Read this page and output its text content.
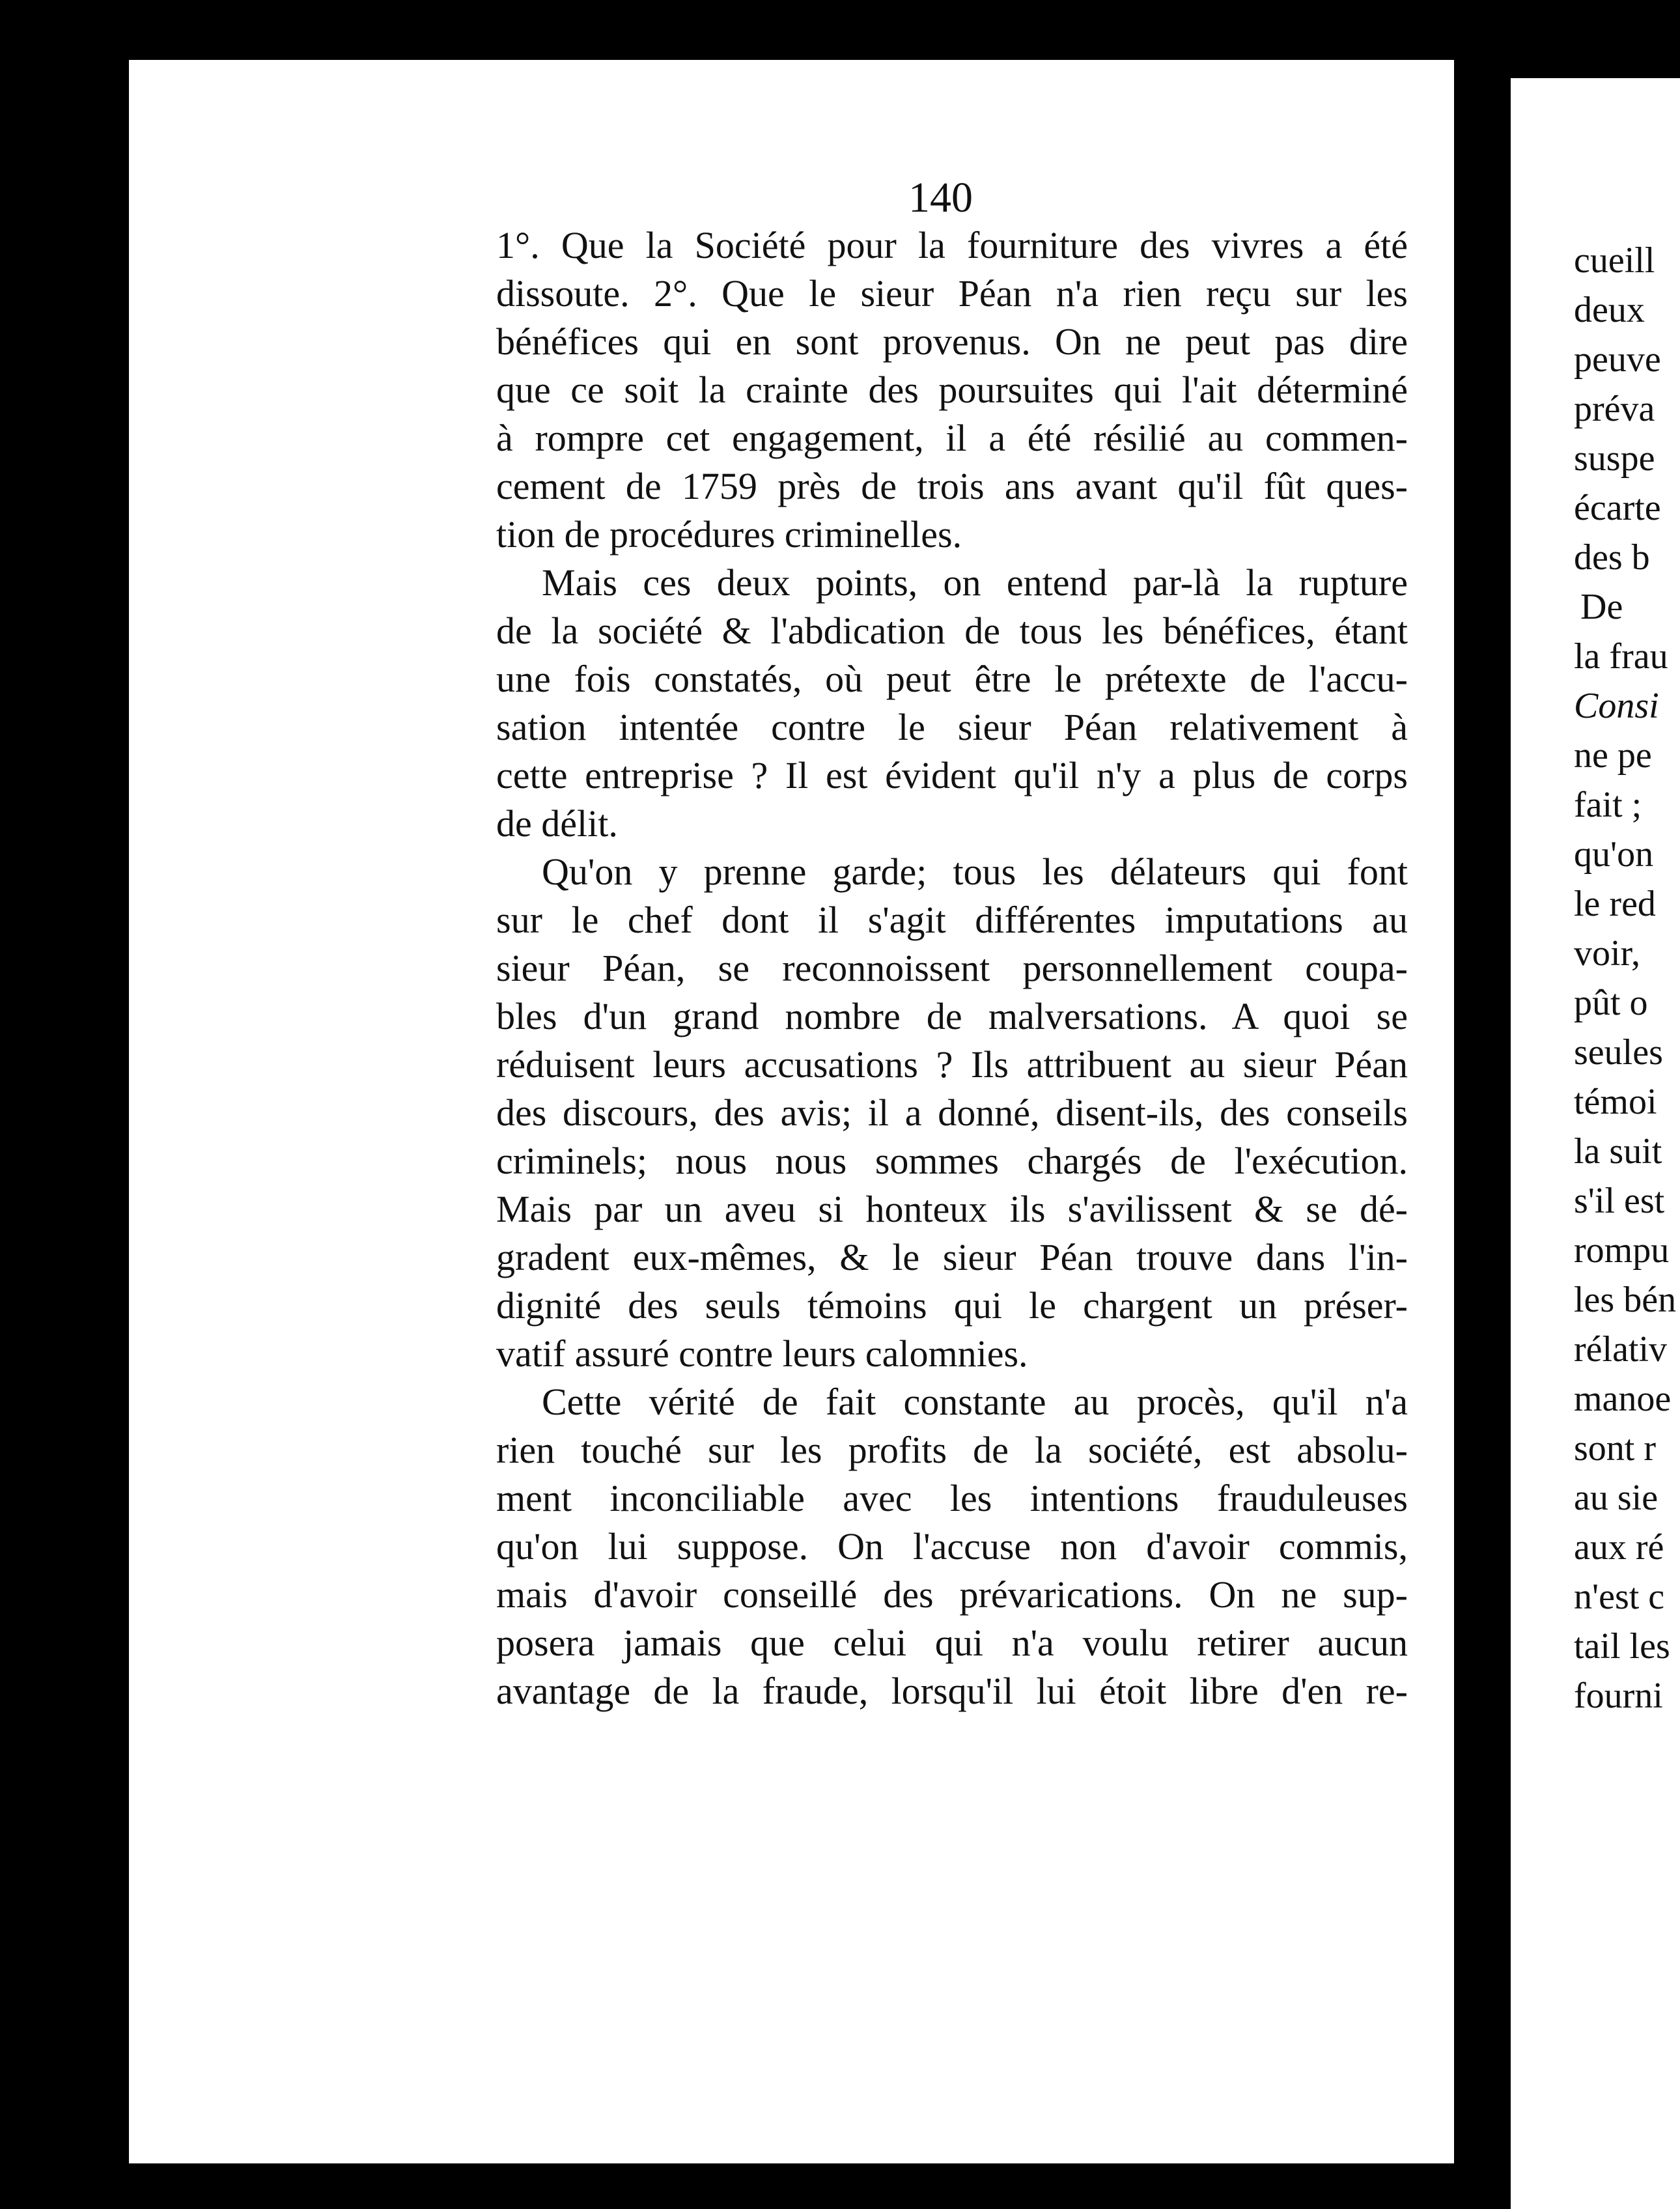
140
1°. Que la Société pour la fourniture des vivres a été
dissoute. 2°. Que le sieur Péan n'a rien reçu sur les
bénéfices qui en sont provenus. On ne peut pas dire
que ce soit la crainte des poursuites qui l'ait déterminé
à rompre cet engagement, il a été résilié au commen-
cement de 1759 près de trois ans avant qu'il fût ques-
tion de procédures criminelles.
Mais ces deux points, on entend par-là la rupture
de la société & l'abdication de tous les bénéfices, étant
une fois constatés, où peut être le prétexte de l'accu-
sation intentée contre le sieur Péan relativement à
cette entreprise ? Il est évident qu'il n'y a plus de corps
de délit.
Qu'on y prenne garde; tous les délateurs qui font
sur le chef dont il s'agit différentes imputations au
sieur Péan, se reconnoissent personnellement coupa-
bles d'un grand nombre de malversations. A quoi se
réduisent leurs accusations ? Ils attribuent au sieur Péan
des discours, des avis; il a donné, disent-ils, des conseils
criminels; nous nous sommes chargés de l'exécution.
Mais par un aveu si honteux ils s'avilissent & se dé-
gradent eux-mêmes, & le sieur Péan trouve dans l'in-
dignité des seuls témoins qui le chargent un préser-
vatif assuré contre leurs calomnies.
Cette vérité de fait constante au procès, qu'il n'a
rien touché sur les profits de la société, est absolu-
ment inconciliable avec les intentions frauduleuses
qu'on lui suppose. On l'accuse non d'avoir commis,
mais d'avoir conseillé des prévarications. On ne sup-
posera jamais que celui qui n'a voulu retirer aucun
avantage de la fraude, lorsqu'il lui étoit libre d'en re-
cueill
deux
peuve
préva
suspe
écarte
des b
De
la frau
Consi
ne pe
fait ;
qu'on
le red
voir,
pût o
seules
témoi
la suit
s'il est
rompu
les bén
rélativ
manoe
sont r
au sie
aux ré
n'est c
tail les
fourni
